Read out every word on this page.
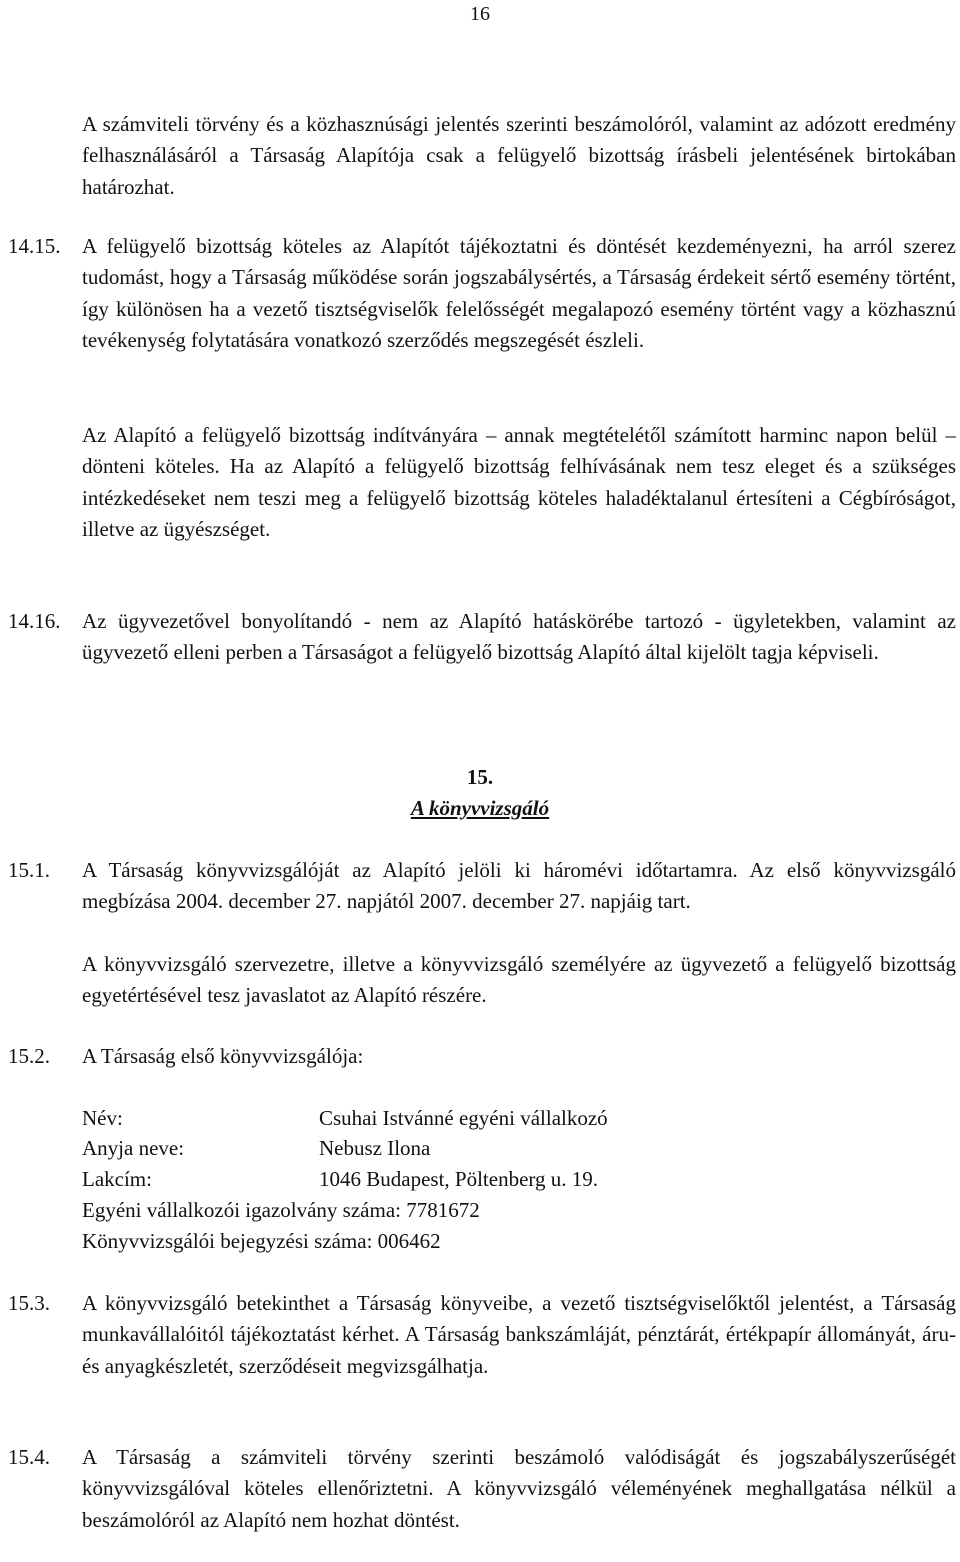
16
A számviteli törvény és a közhasznúsági jelentés szerinti beszámolóról, valamint az adózott eredmény felhasználásáról a Társaság Alapítója csak a felügyelő bizottság írásbeli jelentésének birtokában határozhat.
14.15.	A felügyelő bizottság köteles az Alapítót tájékoztatni és döntését kezdeményezni, ha arról szerez tudomást, hogy a Társaság működése során jogszabálysértés, a Társaság érdekeit sértő esemény történt, így különösen ha a vezető tisztségviselők felelősségét megalapozó esemény történt vagy a közhasznú tevékenység folytatására vonatkozó szerződés megszegését észleli.
Az Alapító a felügyelő bizottság indítványára – annak megtételétől számított harminc napon belül – dönteni köteles. Ha az Alapító a felügyelő bizottság felhívásának nem tesz eleget és a szükséges intézkedéseket nem teszi meg a felügyelő bizottság köteles haladéktalanul értesíteni a Cégbíróságot, illetve az ügyészséget.
14.16.	Az ügyvezetővel bonyolítandó - nem az Alapító hatáskörébe tartozó - ügyletekben, valamint az ügyvezető elleni perben a Társaságot a felügyelő bizottság Alapító által kijelölt tagja képviseli.
15.
A könyvvizsgáló
15.1.	A Társaság könyvvizsgálóját az Alapító jelöli ki háromévi időtartamra. Az első könyvvizsgáló megbízása 2004. december 27. napjától 2007. december 27. napjáig tart.
A könyvvizsgáló szervezetre, illetve a könyvvizsgáló személyére az ügyvezető a felügyelő bizottság egyetértésével tesz javaslatot az Alapító részére.
15.2.	A Társaság első könyvvizsgálója:
Név:	Csuhai Istvánné egyéni vállalkozó
Anyja neve:	Nebusz Ilona
Lakcím:	1046 Budapest, Pöltenberg u. 19.
Egyéni vállalkozói igazolvány száma: 7781672
Könyvvizsgálói bejegyzési száma: 006462
15.3.	A könyvvizsgáló betekinthet a Társaság könyveibe, a vezető tisztségviselőktől jelentést, a Társaság munkavállalóitól tájékoztatást kérhet. A Társaság bankszámláját, pénztárát, értékpapír állományát, áru- és anyagkészletét, szerződéseit megvizsgálhatja.
15.4.	A Társaság a számviteli törvény szerinti beszámoló valódiságát és jogszabályszerűségét könyvvizsgálóval köteles ellenőriztetni. A könyvvizsgáló véleményének meghallgatása nélkül a beszámolóról az Alapító nem hozhat döntést.
